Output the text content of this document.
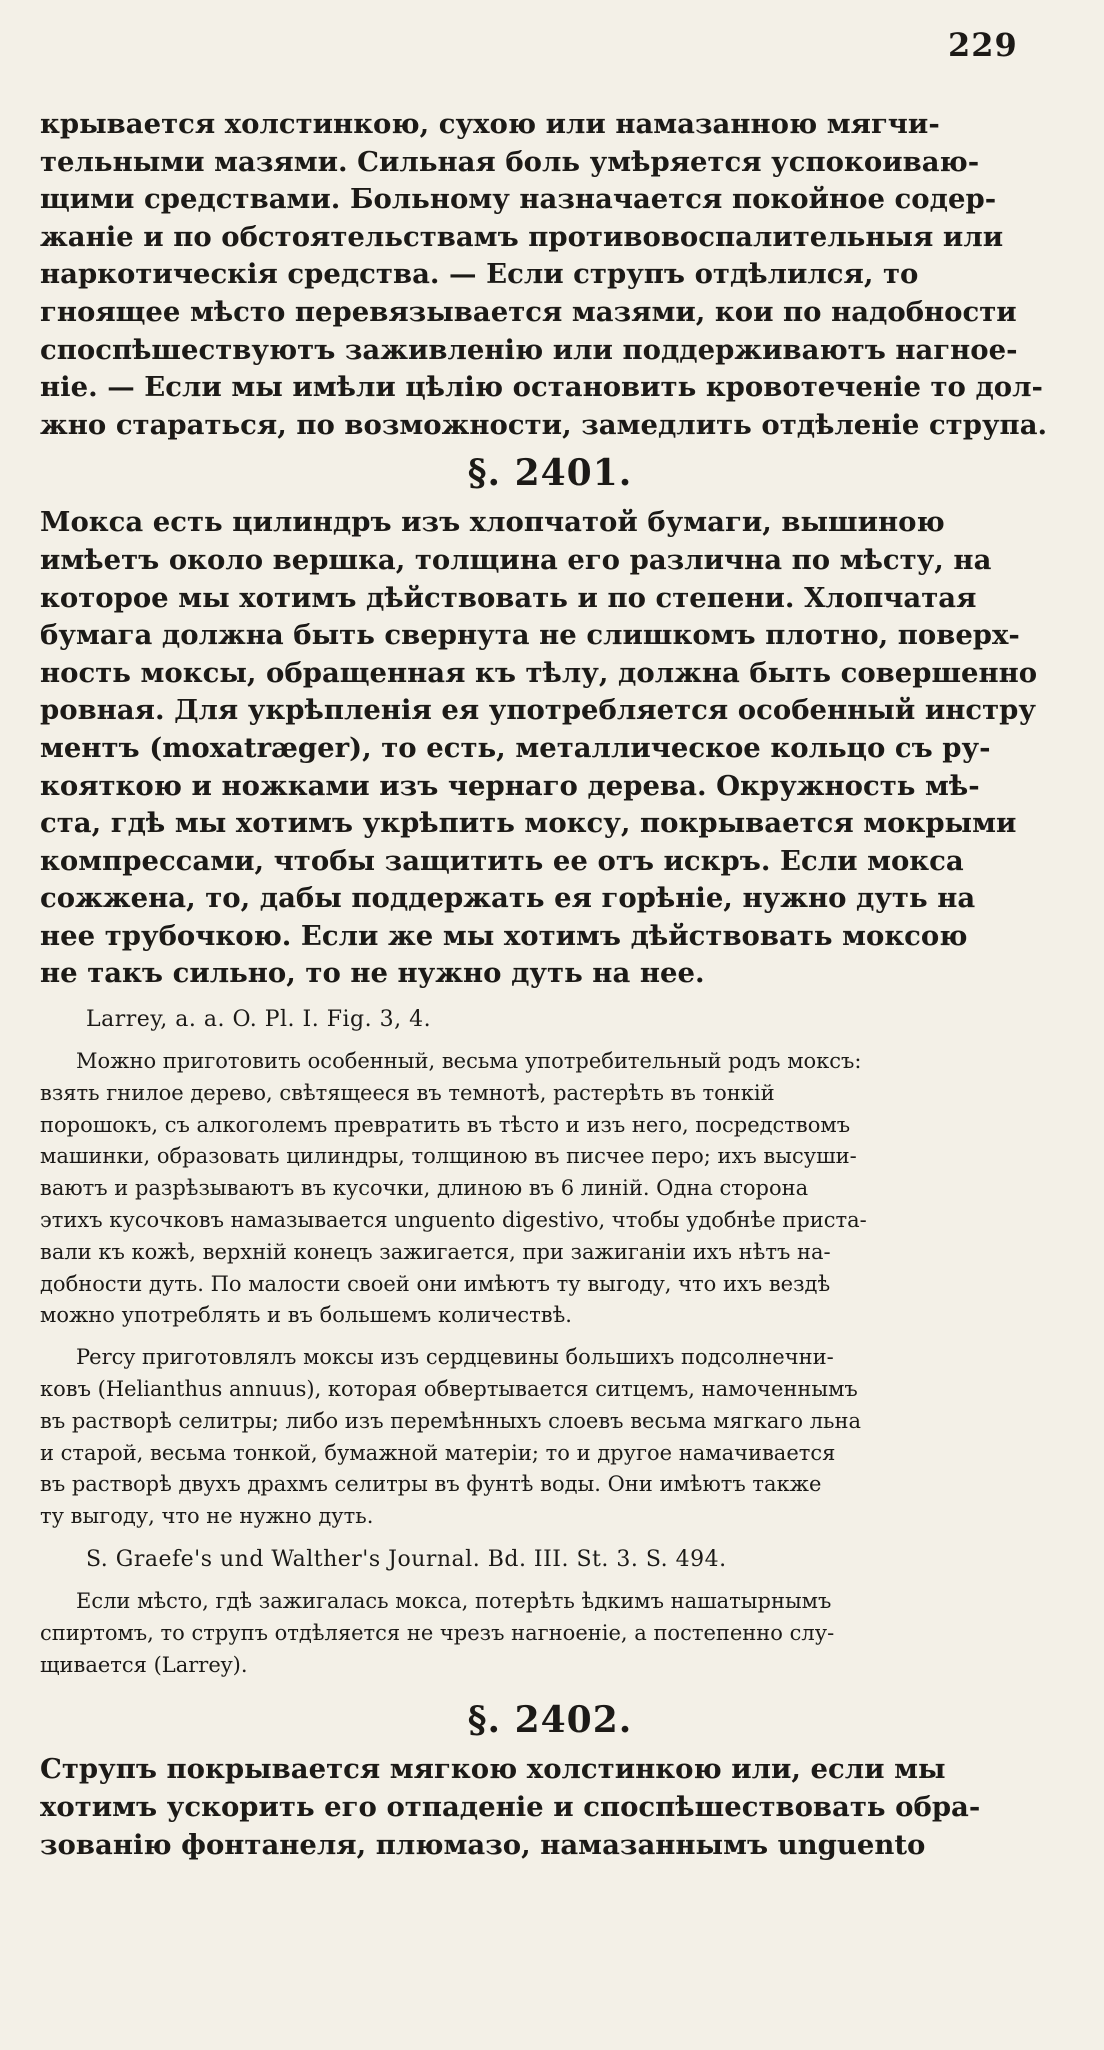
229

крывается холстинкою, сухою или намазанною мягчи-
тельными мазями. Сильная боль умѣряется успокоиваю-
щими средствами. Больному назначается покойное содер-
жаніе и по обстоятельствамъ противовоспалительныя или
наркотическія средства. — Если струпъ отдѣлился, то
гноящее мѣсто перевязывается мазями, кои по надобности
споспѣшествуютъ заживленію или поддерживаютъ нагное-
ніе. — Если мы имѣли цѣлію остановить кровотеченіе то дол-
жно стараться, по возможности, замедлить отдѣленіе струпа.

§. 2401.

Мокса есть цилиндръ изъ хлопчатой бумаги, вышиною
имѣетъ около вершка, толщина его различна по мѣсту, на
которое мы хотимъ дѣйствовать и по степени. Хлопчатая
бумага должна быть свернута не слишкомъ плотно, поверх-
ность моксы, обращенная къ тѣлу, должна быть совершенно
ровная. Для укрѣпленія ея употребляется особенный инстру
ментъ (moxatræger), то есть, металлическое кольцо съ ру-
кояткою и ножками изъ чернаго дерева. Окружность мѣ-
ста, гдѣ мы хотимъ укрѣпить моксу, покрывается мокрыми
компрессами, чтобы защитить ее отъ искръ. Если мокса
сожжена, то, дабы поддержать ея горѣніе, нужно дуть на
нее трубочкою. Если же мы хотимъ дѣйствовать моксою
не такъ сильно, то не нужно дуть на нее.

Larrey, a. a. O. Pl. I. Fig. 3, 4.

Можно приготовить особенный, весьма употребительный родъ моксъ:
взять гнилое дерево, свѣтящееся въ темнотѣ, растерѣть въ тонкій
порошокъ, съ алкоголемъ превратить въ тѣсто и изъ него, посредствомъ
машинки, образовать цилиндры, толщиною въ писчее перо; ихъ высуши-
ваютъ и разрѣзываютъ въ кусочки, длиною въ 6 линій. Одна сторона
этихъ кусочковъ намазывается unguento digestivo, чтобы удобнѣе приста-
вали къ кожѣ, верхній конецъ зажигается, при зажиганіи ихъ нѣтъ на-
добности дуть. По малости своей они имѣютъ ту выгоду, что ихъ вездѣ
можно употреблять и въ большемъ количествѣ.

Percy приготовлялъ моксы изъ сердцевины большихъ подсолнечни-
ковъ (Helianthus annuus), которая обвертывается ситцемъ, намоченнымъ
въ растворѣ селитры; либо изъ перемѣнныхъ слоевъ весьма мягкаго льна
и старой, весьма тонкой, бумажной матеріи; то и другое намачивается
въ растворѣ двухъ драхмъ селитры въ фунтѣ воды. Они имѣютъ также
ту выгоду, что не нужно дуть.

S. Graefe's und Walther's Journal. Bd. III. St. 3. S. 494.

Если мѣсто, гдѣ зажигалась мокса, потерѣть ѣдкимъ нашатырнымъ
спиртомъ, то струпъ отдѣляется не чрезъ нагноеніе, а постепенно слу-
щивается (Larrey).

§. 2402.

Струпъ покрывается мягкою холстинкою или, если мы
хотимъ ускорить его отпаденіе и споспѣшествовать обра-
зованію фонтанеля, плюмазо, намазаннымъ unguento
